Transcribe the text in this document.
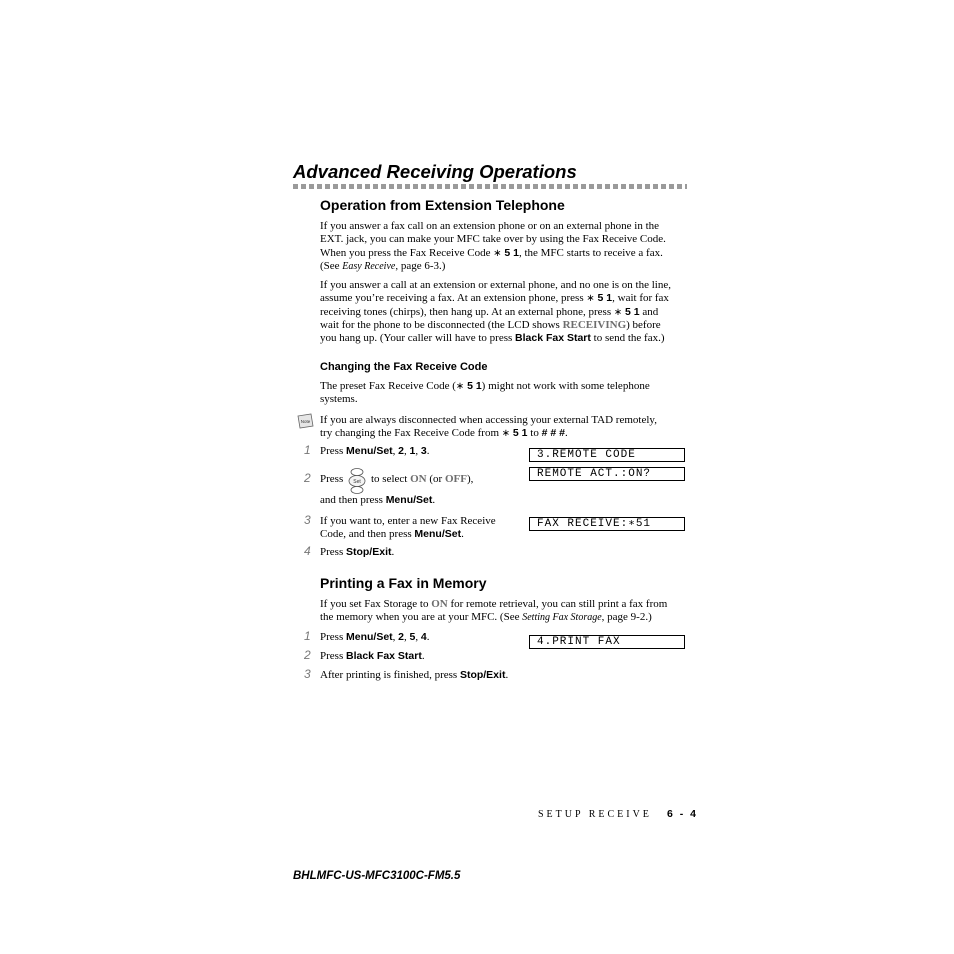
Advanced Receiving Operations
Operation from Extension Telephone
If you answer a fax call on an extension phone or on an external phone in the
EXT. jack, you can make your MFC take over by using the Fax Receive Code.
When you press the Fax Receive Code ∗ 5 1, the MFC starts to receive a fax.
(See Easy Receive, page 6-3.)
If you answer a call at an extension or external phone, and no one is on the line,
assume you’re receiving a fax. At an extension phone, press ∗ 5 1, wait for fax
receiving tones (chirps), then hang up. At an external phone, press ∗ 5 1 and
wait for the phone to be disconnected (the LCD shows RECEIVING) before
you hang up. (Your caller will have to press Black Fax Start to send the fax.)
Changing the Fax Receive Code
The preset Fax Receive Code (∗ 5 1) might not work with some telephone
systems.
Note If you are always disconnected when accessing your external TAD remotely,
try changing the Fax Receive Code from ∗ 5 1 to # # #.
1 Press Menu/Set, 2, 1, 3.
2 Press Set to select ON (or OFF),
and then press Menu/Set.
3 If you want to, enter a new Fax Receive
Code, and then press Menu/Set.
4 Press Stop/Exit.
3.REMOTE CODE
REMOTE ACT.:ON?
FAX RECEIVE:∗51
Printing a Fax in Memory
If you set Fax Storage to ON for remote retrieval, you can still print a fax from
the memory when you are at your MFC. (See Setting Fax Storage, page 9-2.)
1 Press Menu/Set, 2, 5, 4.
2 Press Black Fax Start.
3 After printing is finished, press Stop/Exit.
4.PRINT FAX
SETUP RECEIVE 6 - 4
BHLMFC-US-MFC3100C-FM5.5
